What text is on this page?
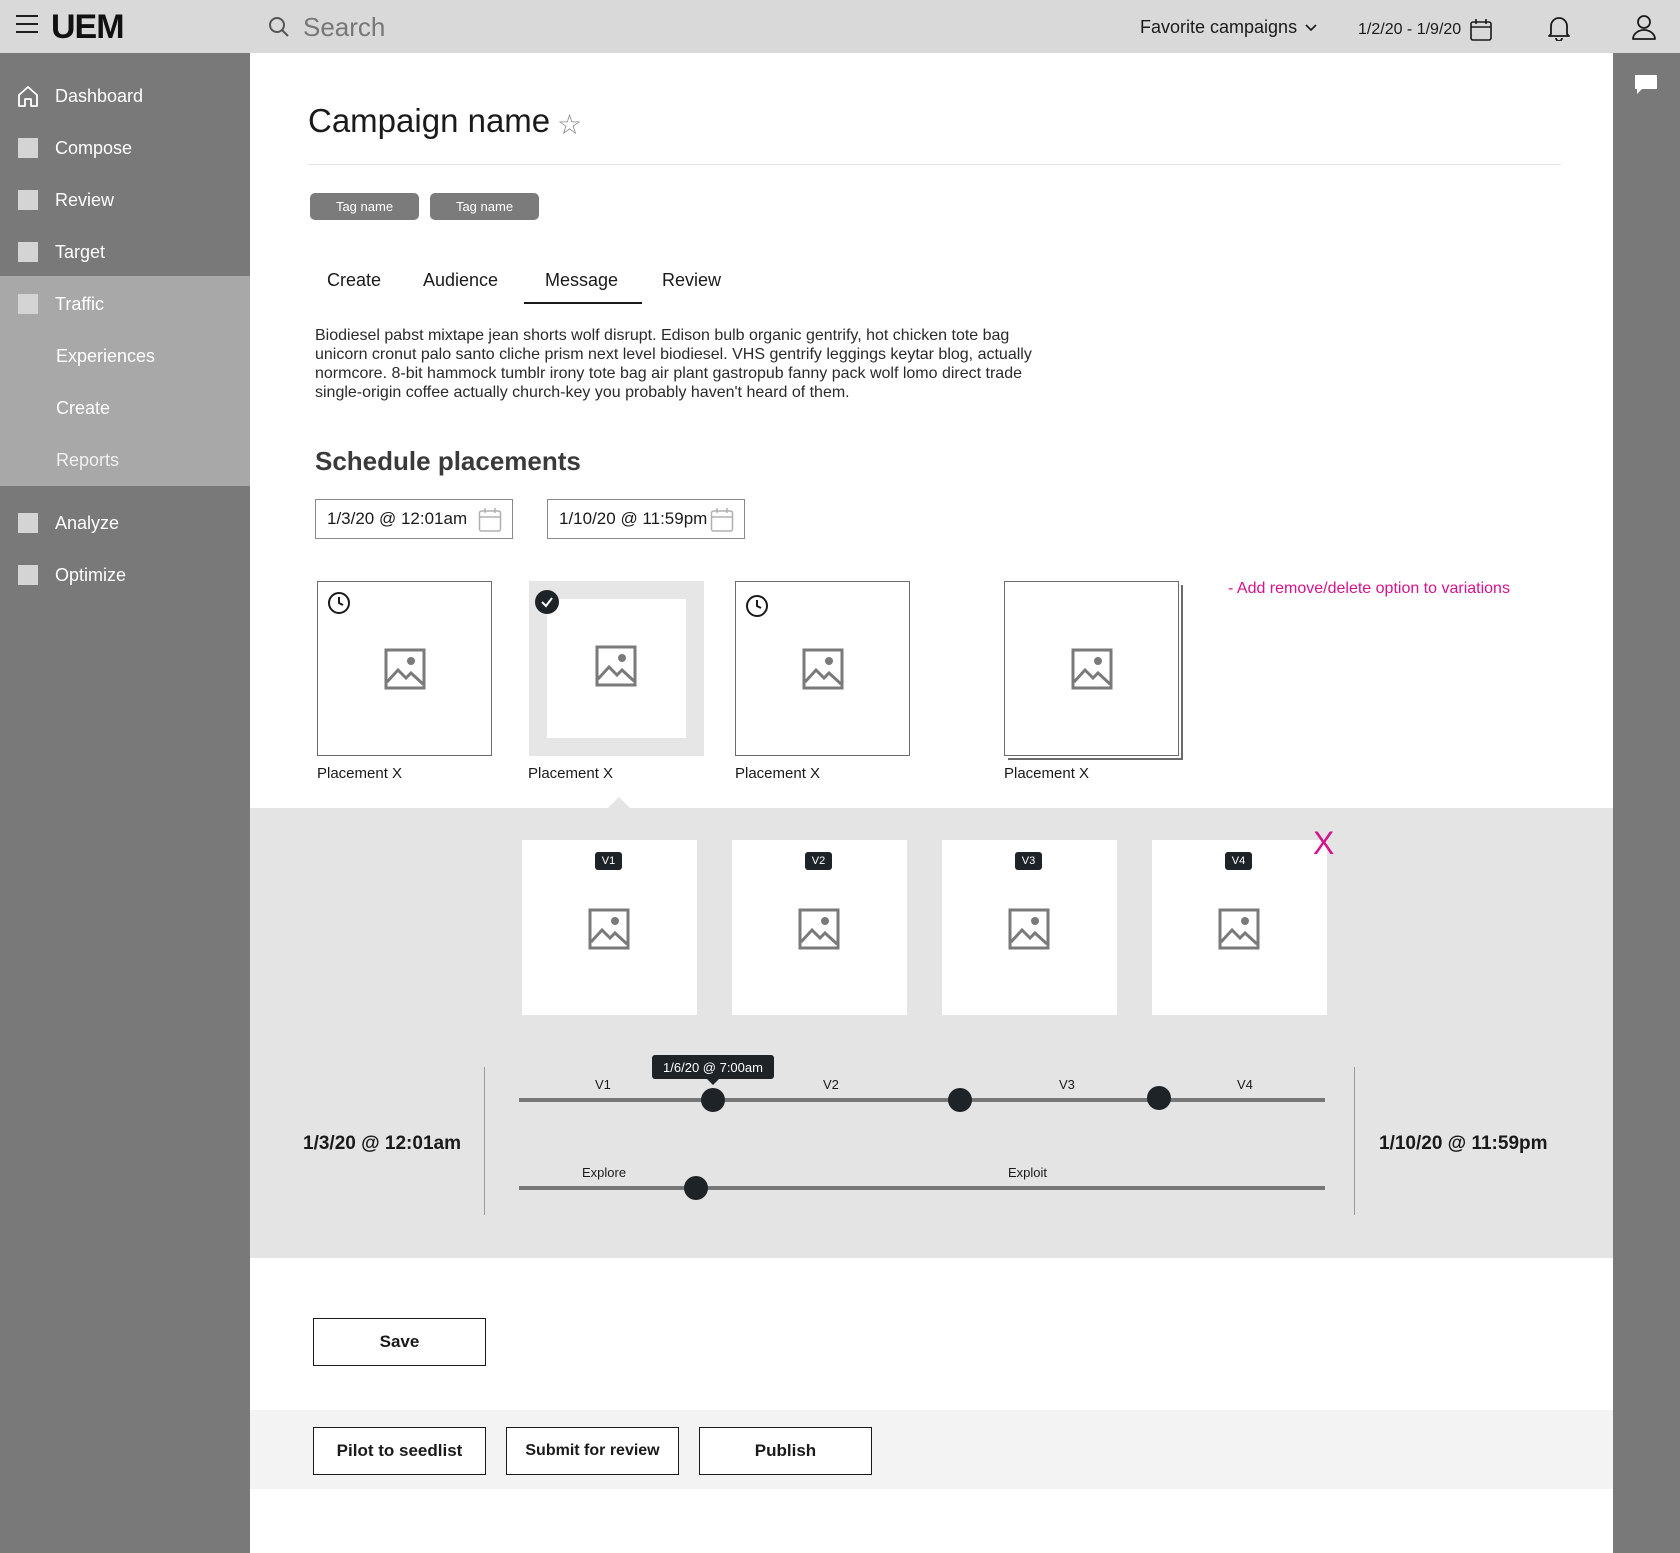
UEM
Search	Favorite campaigns	1/2/20 - 1/9/20
Dashboard
Compose
Review
Target
Traffic
Experiences
Create
Reports
Analyze
Optimize
Campaign name ☆
Tag name	Tag name
Create Audience	Message Review
Biodiesel pabst mixtape jean shorts wolf disrupt. Edison bulb organic gentrify, hot chicken tote bag unicorn cronut palo santo cliche prism next level biodiesel. VHS gentrify leggings keytar blog, actually normcore. 8-bit hammock tumblr irony tote bag air plant gastropub fanny pack wolf lomo direct trade single-origin coffee actually church-key you probably haven't heard of them.
Schedule placements
1/3/20 @ 12:01am	1/10/20 @ 11:59pm
Placement X	Placement X	Placement X	Placement X
- Add remove/delete option to variations
V1	V2	V3	V4 X
1/3/20 @ 12:01am	1/10/20 @ 11:59pm
V1	V2	V3	V4
1/6/20 @ 7:00am
Explore	Exploit
Save
Pilot to seedlist	Submit for review	Publish
